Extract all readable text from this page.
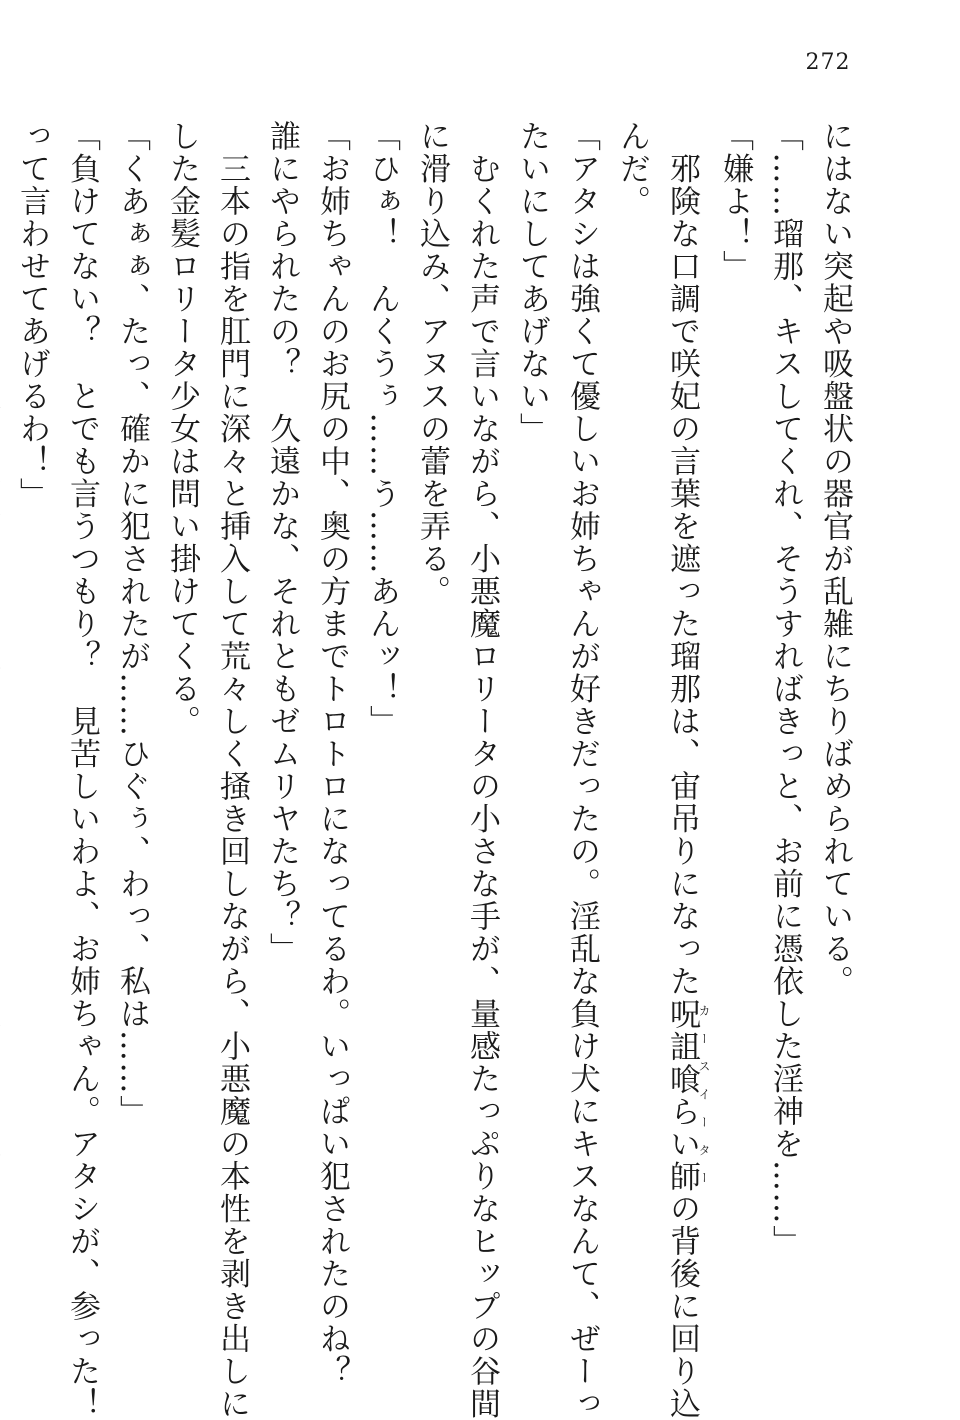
272
にはない突起や吸盤状の器官が乱雑にちりばめられている。
「……瑠那、キスしてくれ、そうすればきっと、お前に憑依した淫神を……」
「嫌よ！」
　邪険な口調で咲妃の言葉を遮った瑠那は、宙吊りになった呪詛喰らい師カースイーターの背後に回り込
んだ。
「アタシは強くて優しいお姉ちゃんが好きだったの。淫乱な負け犬にキスなんて、ぜーっ
たいにしてあげない」
　むくれた声で言いながら、小悪魔ロリータの小さな手が、量感たっぷりなヒップの谷間
に滑り込み、アヌスの蕾を弄る。
「ひぁ！　んくうぅ……う……あんッ！」
「お姉ちゃんのお尻の中、奥の方までトロトロになってるわ。いっぱい犯されたのね？
誰にやられたの？　久遠かな、それともゼムリヤたち？」
　三本の指を肛門に深々と挿入して荒々しく掻き回しながら、小悪魔の本性を剥き出しに
した金髪ロリータ少女は問い掛けてくる。
「くあぁぁ、たっ、確かに犯されたが……ひぐぅ、わっ、私は……」
「負けてない？　とでも言うつもり？　見苦しいわよ、お姉ちゃん。アタシが、参った！
って言わせてあげるわ！」
